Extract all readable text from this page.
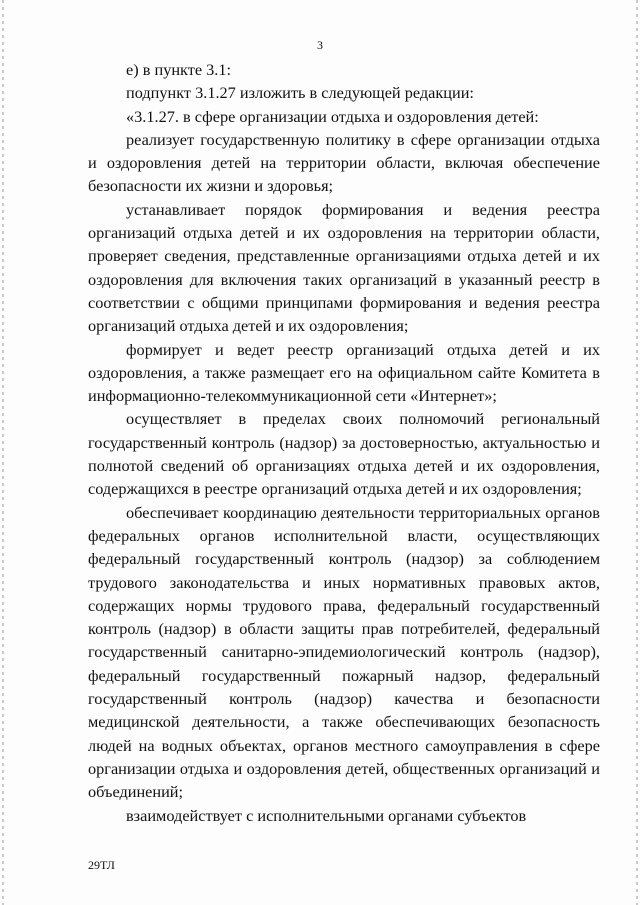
3

е) в пункте 3.1:

подпункт 3.1.27 изложить в следующей редакции:

«3.1.27. в сфере организации отдыха и оздоровления детей:

реализует государственную политику в сфере организации отдыха и оздоровления детей на территории области, включая обеспечение безопасности их жизни и здоровья;

устанавливает порядок формирования и ведения реестра организаций отдыха детей и их оздоровления на территории области, проверяет сведения, представленные организациями отдыха детей и их оздоровления для включения таких организаций в указанный реестр в соответствии с общими принципами формирования и ведения реестра организаций отдыха детей и их оздоровления;

формирует и ведет реестр организаций отдыха детей и их оздоровления, а также размещает его на официальном сайте Комитета в информационно-телекоммуникационной сети «Интернет»;

осуществляет в пределах своих полномочий региональный государственный контроль (надзор) за достоверностью, актуальностью и полнотой сведений об организациях отдыха детей и их оздоровления, содержащихся в реестре организаций отдыха детей и их оздоровления;

обеспечивает координацию деятельности территориальных органов федеральных органов исполнительной власти, осуществляющих федеральный государственный контроль (надзор) за соблюдением трудового законодательства и иных нормативных правовых актов, содержащих нормы трудового права, федеральный государственный контроль (надзор) в области защиты прав потребителей, федеральный государственный санитарно-эпидемиологический контроль (надзор), федеральный государственный пожарный надзор, федеральный государственный контроль (надзор) качества и безопасности медицинской деятельности, а также обеспечивающих безопасность людей на водных объектах, органов местного самоуправления в сфере организации отдыха и оздоровления детей, общественных организаций и объединений;

взаимодействует с исполнительными органами субъектов

29ТЛ
